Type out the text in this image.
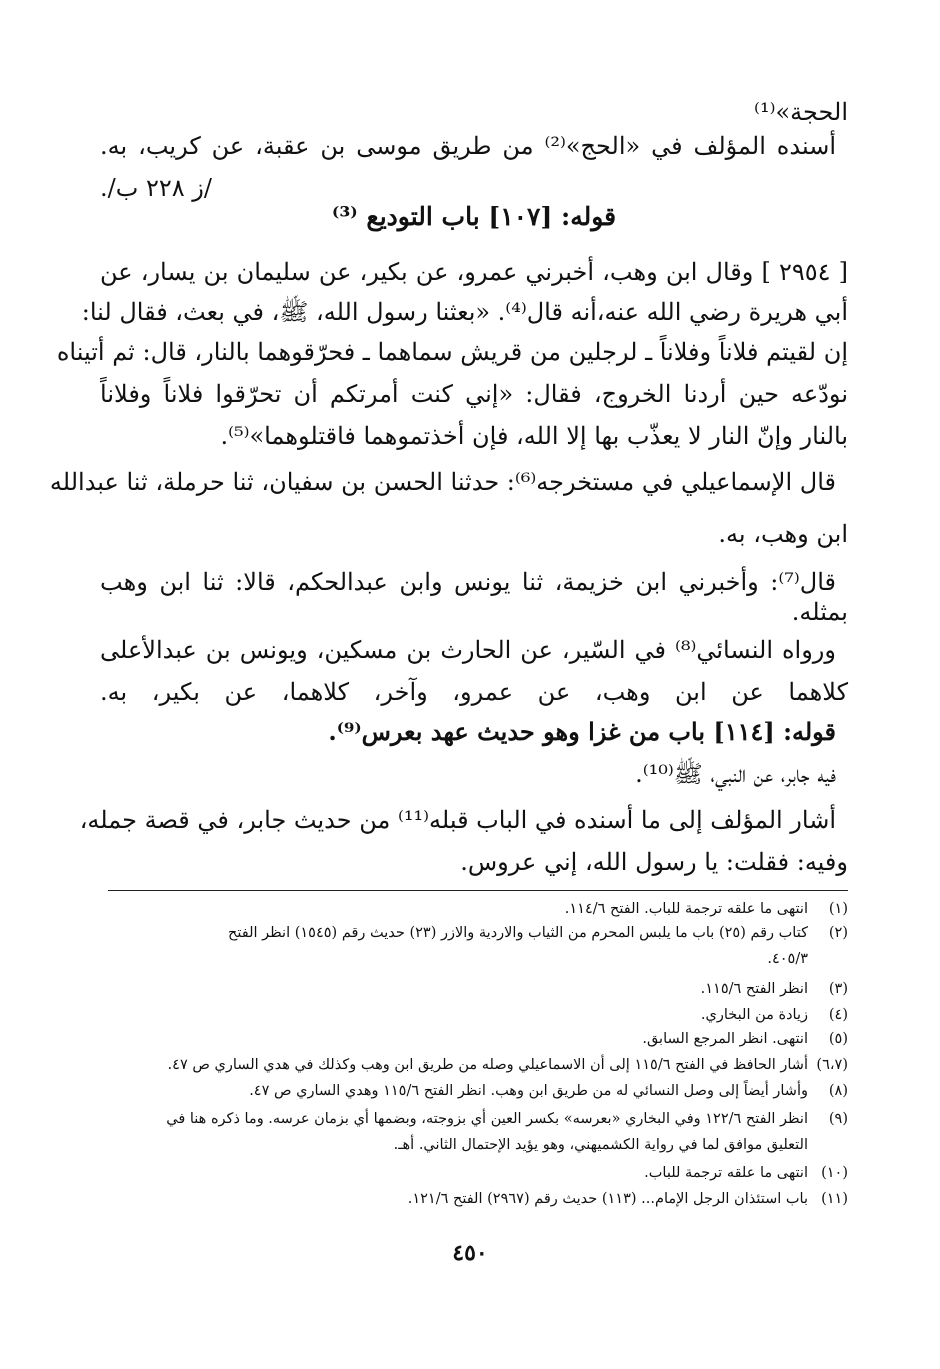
الحجة»⁽¹⁾
أسنده المؤلف في «الحج»⁽²⁾ من طريق موسى بن عقبة، عن كريب، به.
/ز ٢٢٨ ب/.
قوله: [١٠٧] باب التوديع ⁽³⁾
[ ٢٩٥٤ ] وقال ابن وهب، أخبرني عمرو، عن بكير، عن سليمان بن يسار، عن
أبي هريرة رضي الله عنه،أنه قال⁽⁴⁾. «بعثنا رسول الله، ﷺ، في بعث، فقال لنا:
إن لقيتم فلاناً وفلاناً ـ لرجلين من قريش سماهما ـ فحرّقوهما بالنار، قال: ثم أتيناه
نودّعه حين أردنا الخروج، فقال: «إني كنت أمرتكم أن تحرّقوا فلاناً وفلاناً
بالنار وإنّ النار لا يعذّب بها إلا الله، فإن أخذتموهما فاقتلوهما»⁽⁵⁾.
قال الإسماعيلي في مستخرجه⁽⁶⁾: حدثنا الحسن بن سفيان، ثنا حرملة، ثنا عبدالله
ابن وهب، به.
قال⁽⁷⁾: وأخبرني ابن خزيمة، ثنا يونس وابن عبدالحكم، قالا: ثنا ابن وهب
بمثله.
ورواه النسائي⁽⁸⁾ في السّير، عن الحارث بن مسكين، ويونس بن عبدالأعلى
كلاهما عن ابن وهب، عن عمرو، وآخر، كلاهما، عن بكير، به.
قوله: [١١٤] باب من غزا وهو حديث عهد بعرس⁽⁹⁾.
فيه جابر، عن النبي، ﷺ⁽¹⁰⁾.
أشار المؤلف إلى ما أسنده في الباب قبله⁽¹¹⁾ من حديث جابر، في قصة جمله،
وفيه: فقلت: يا رسول الله، إني عروس.
(١)انتهى ما علقه ترجمة للباب. الفتح ١١٤/٦.
(٢)كتاب رقم (٢٥) باب ما يلبس المحرم من الثياب والاردية والازر (٢٣) حديث رقم (١٥٤٥) انظر الفتح
٤٠٥/٣.
(٣)انظر الفتح ١١٥/٦.
(٤)زيادة من البخاري.
(٥)انتهى. انظر المرجع السابق.
(٦،٧)أشار الحافظ في الفتح ١١٥/٦ إلى أن الاسماعيلي وصله من طريق ابن وهب وكذلك في هدي الساري ص ٤٧.
(٨)وأشار أيضاً إلى وصل النسائي له من طريق ابن وهب. انظر الفتح ١١٥/٦ وهدي الساري ص ٤٧.
(٩)انظر الفتح ١٢٢/٦ وفي البخاري «بعرسه» بكسر العين أي بزوجته، وبضمها أي بزمان عرسه. وما ذكره هنا في
التعليق موافق لما في رواية الكشميهني، وهو يؤيد الإحتمال الثاني. أهـ.
(١٠)انتهى ما علقه ترجمة للباب.
(١١)باب استئذان الرجل الإمام... (١١٣) حديث رقم (٢٩٦٧) الفتح ١٢١/٦.
٤٥٠
